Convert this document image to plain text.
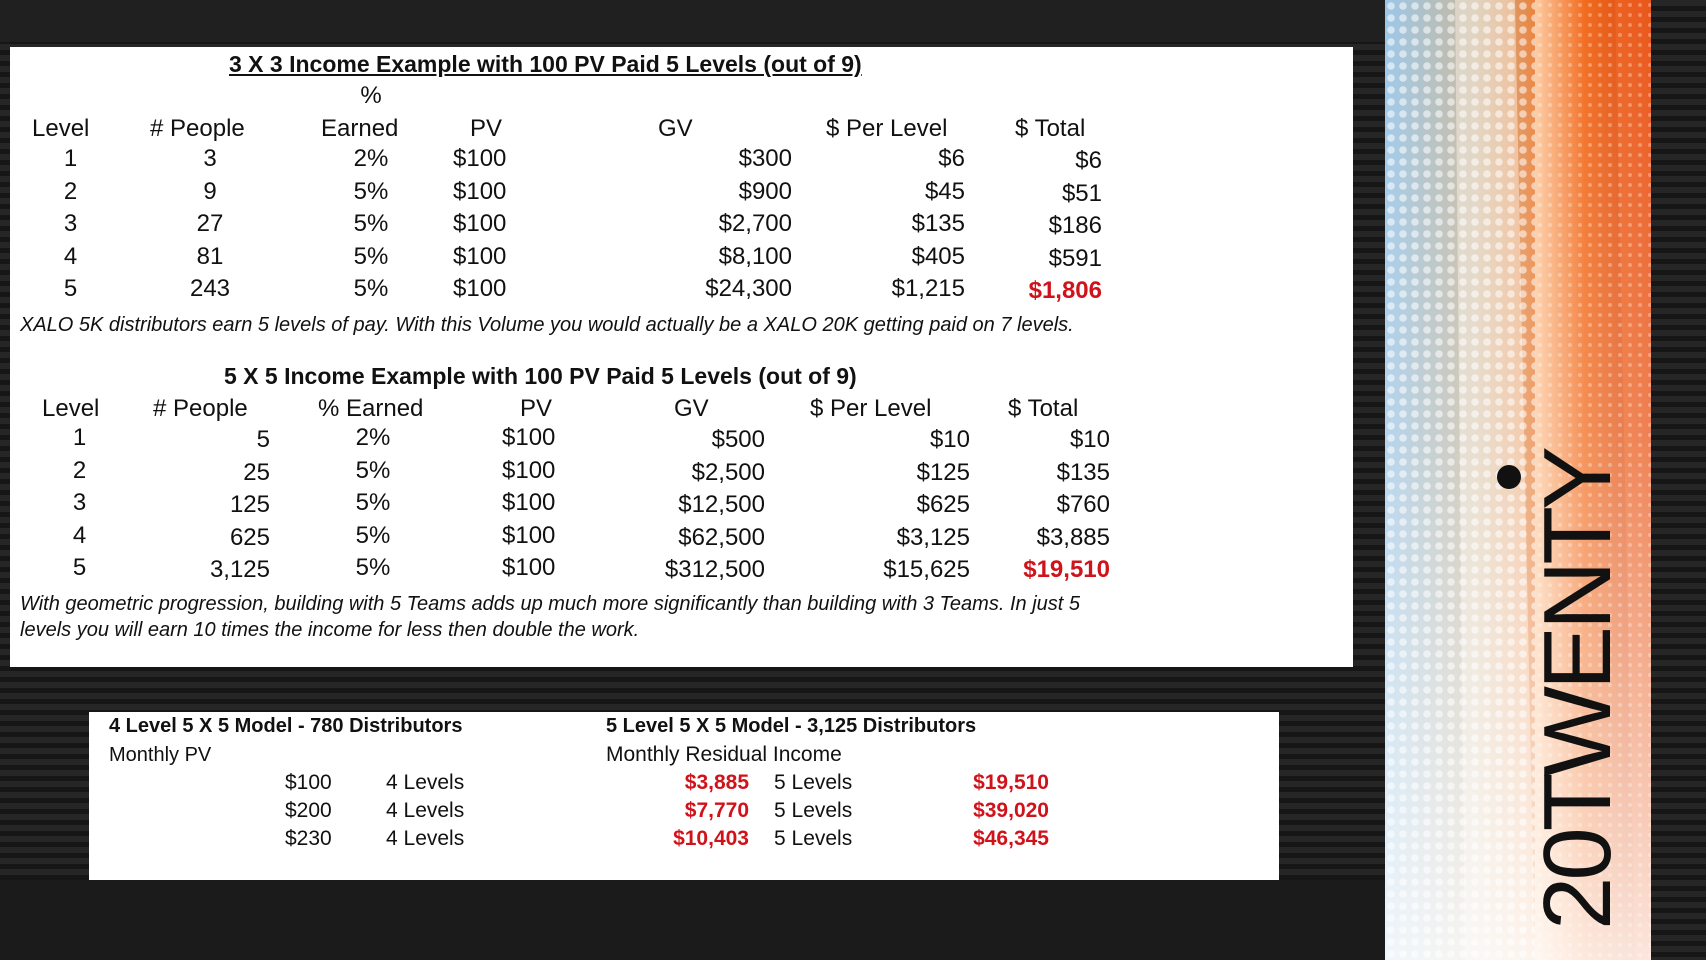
3 X 3 Income Example with 100 PV Paid 5 Levels (out of 9)
%
Level	# People	Earned	PV	GV	$ Per Level	$ Total
1	3	2%	$100	$300	$6	$6
2	9	5%	$100	$900	$45	$51
3	27	5%	$100	$2,700	$135	$186
4	81	5%	$100	$8,100	$405	$591
5	243	5%	$100	$24,300	$1,215	$1,806
XALO 5K distributors earn 5 levels of pay. With this Volume you would actually be a XALO 20K getting paid on 7 levels.
5 X 5 Income Example with 100 PV Paid 5 Levels (out of 9)
Level # People	% Earned	PV	GV	$ Per Level	$ Total
1	5	2%	$100	$500	$10	$10
2	25	5%	$100	$2,500	$125	$135
3	125	5%	$100	$12,500	$625	$760
4	625	5%	$100	$62,500	$3,125	$3,885
5	3,125	5%	$100	$312,500	$15,625	$19,510
With geometric progression, building with 5 Teams adds up much more significantly than building with 3 Teams. In just 5
levels you will earn 10 times the income for less then double the work.
4 Level 5 X 5 Model - 780 Distributors
Monthly PV
5 Level 5 X 5 Model - 3,125 Distributors
Monthly Residual Income
$100	4 Levels	$3,885 5 Levels	$19,510
$200	4 Levels	$7,770 5 Levels	$39,020
$230	4 Levels	$10,403 5 Levels	$46,345	20TWENTY
